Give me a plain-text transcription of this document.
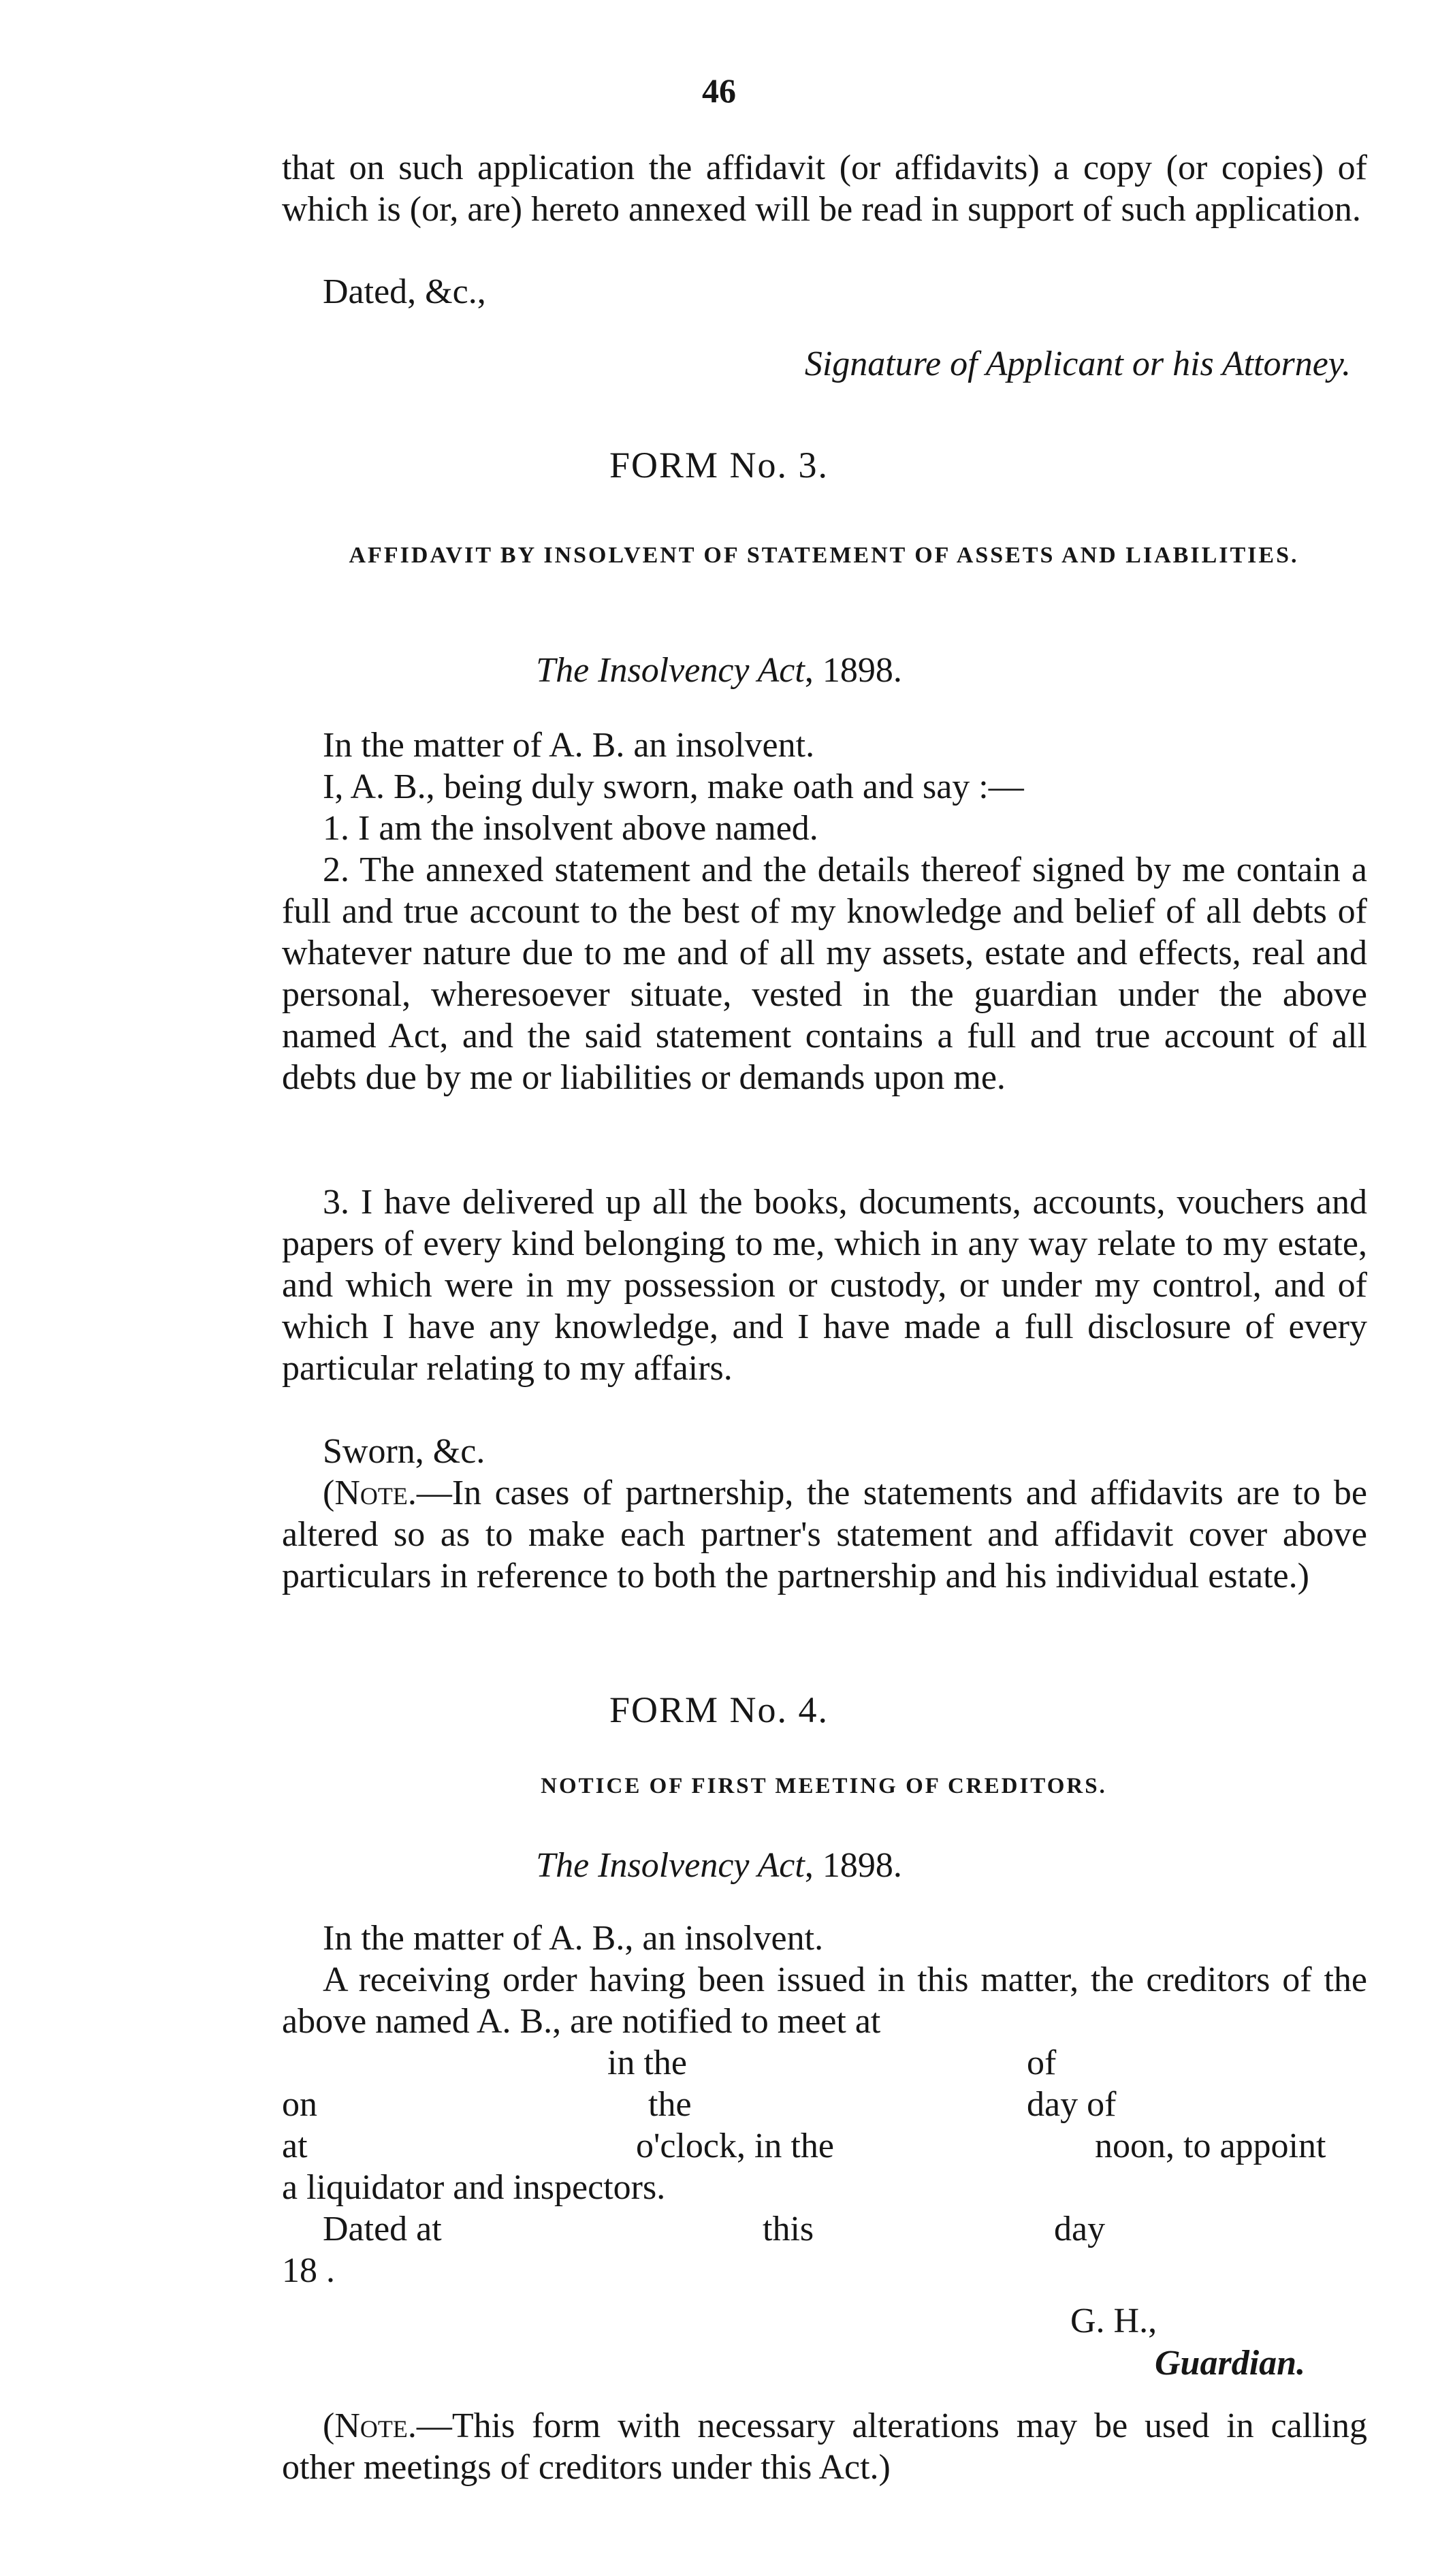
46
that on such application the affidavit (or affidavits) a copy (or copies) of which is (or, are) hereto annexed will be read in support of such application.
Dated, &c.,
Signature of Applicant or his Attorney.
FORM No. 3.
AFFIDAVIT BY INSOLVENT OF STATEMENT OF ASSETS AND LIABILITIES.
The Insolvency Act, 1898.
In the matter of A. B. an insolvent.
I, A. B., being duly sworn, make oath and say :—
1. I am the insolvent above named.
2. The annexed statement and the details thereof signed by me contain a full and true account to the best of my knowledge and belief of all debts of whatever nature due to me and of all my assets, estate and effects, real and personal, wheresoever situate, vested in the guardian under the above named Act, and the said statement contains a full and true account of all debts due by me or liabilities or demands upon me.
3. I have delivered up all the books, documents, accounts, vouchers and papers of every kind belonging to me, which in any way relate to my estate, and which were in my possession or custody, or under my control, and of which I have any knowledge, and I have made a full disclosure of every particular relating to my affairs.
Sworn, &c.
(Note.—In cases of partnership, the statements and affidavits are to be altered so as to make each partner's statement and affidavit cover above particulars in reference to both the partnership and his individual estate.)
FORM No. 4.
NOTICE OF FIRST MEETING OF CREDITORS.
The Insolvency Act, 1898.
In the matter of A. B., an insolvent.
A receiving order having been issued in this matter, the creditors of the above named A. B., are notified to meet at
in the	of
on	the	day of
at	o'clock, in the	noon, to appoint
a liquidator and inspectors.
Dated at	this	day
18 .
G. H.,
Guardian.
(Note.—This form with necessary alterations may be used in calling other meetings of creditors under this Act.)
